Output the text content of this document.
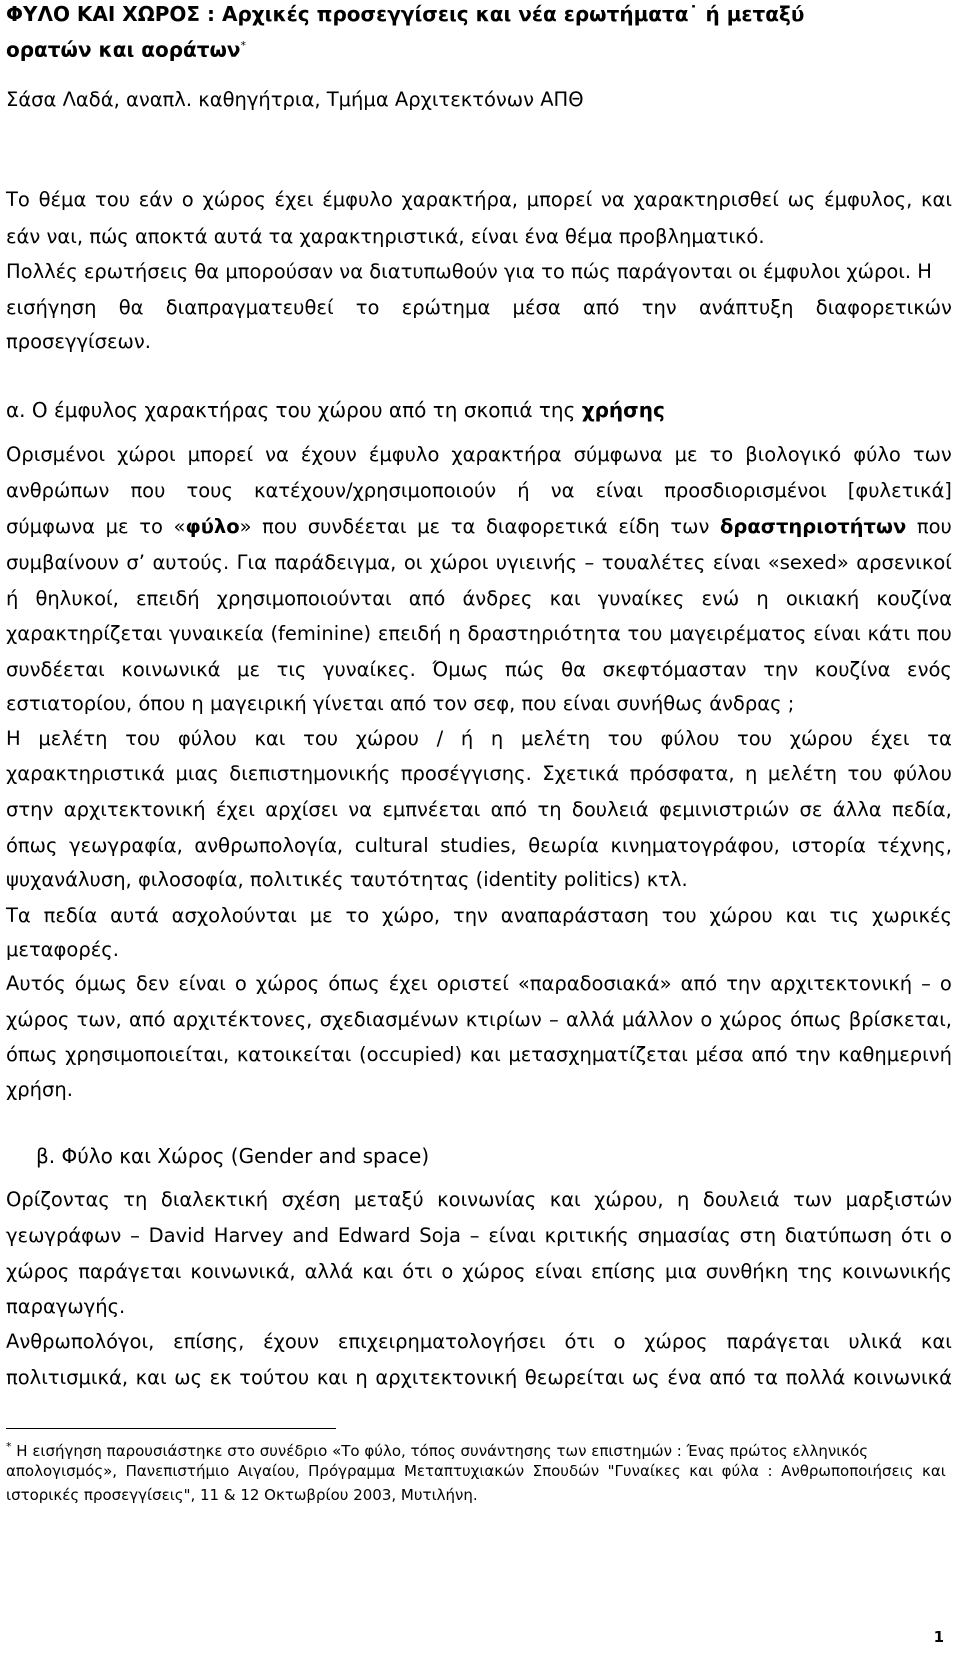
ΦΥΛΟ ΚΑΙ ΧΩΡΟΣ : Αρχικές προσεγγίσεις και νέα ερωτήματα˙ ή μεταξύ
ορατών και αοράτων*
Σάσα Λαδά, αναπλ. καθηγήτρια, Τμήμα Αρχιτεκτόνων ΑΠΘ
Το θέμα του εάν ο χώρος έχει έμφυλο χαρακτήρα, μπορεί να χαρακτηρισθεί ως έμφυλος, και
εάν ναι, πώς αποκτά αυτά τα χαρακτηριστικά, είναι ένα θέμα προβληματικό.
Πολλές ερωτήσεις θα μπορούσαν να διατυπωθούν για το πώς παράγονται οι έμφυλοι χώροι. Η
εισήγηση θα διαπραγματευθεί το ερώτημα μέσα από την ανάπτυξη διαφορετικών
προσεγγίσεων.
α. Ο έμφυλος χαρακτήρας του χώρου από τη σκοπιά της χρήσης
Ορισμένοι χώροι μπορεί να έχουν έμφυλο χαρακτήρα σύμφωνα με το βιολογικό φύλο των
ανθρώπων που τους κατέχουν/χρησιμοποιούν ή να είναι προσδιορισμένοι [φυλετικά]
σύμφωνα με το «φύλο» που συνδέεται με τα διαφορετικά είδη των δραστηριοτήτων που
συμβαίνουν σ’ αυτούς. Για παράδειγμα, οι χώροι υγιεινής – τουαλέτες είναι «sexed» αρσενικοί
ή θηλυκοί, επειδή χρησιμοποιούνται από άνδρες και γυναίκες ενώ η οικιακή κουζίνα
χαρακτηρίζεται γυναικεία (feminine) επειδή η δραστηριότητα του μαγειρέματος είναι κάτι που
συνδέεται κοινωνικά με τις γυναίκες. Όμως πώς θα σκεφτόμασταν την κουζίνα ενός
εστιατορίου, όπου η μαγειρική γίνεται από τον σεφ, που είναι συνήθως άνδρας ;
Η μελέτη του φύλου και του χώρου / ή η μελέτη του φύλου του χώρου έχει τα
χαρακτηριστικά μιας διεπιστημονικής προσέγγισης. Σχετικά πρόσφατα, η μελέτη του φύλου
στην αρχιτεκτονική έχει αρχίσει να εμπνέεται από τη δουλειά φεμινιστριών σε άλλα πεδία,
όπως γεωγραφία, ανθρωπολογία, cultural studies, θεωρία κινηματογράφου, ιστορία τέχνης,
ψυχανάλυση, φιλοσοφία, πολιτικές ταυτότητας (identity politics) κτλ.
Τα πεδία αυτά ασχολούνται με το χώρο, την αναπαράσταση του χώρου και τις χωρικές
μεταφορές.
Αυτός όμως δεν είναι ο χώρος όπως έχει οριστεί «παραδοσιακά» από την αρχιτεκτονική – ο
χώρος των, από αρχιτέκτονες, σχεδιασμένων κτιρίων – αλλά μάλλον ο χώρος όπως βρίσκεται,
όπως χρησιμοποιείται, κατοικείται (occupied) και μετασχηματίζεται μέσα από την καθημερινή
χρήση.
β. Φύλο και Χώρος (Gender and space)
Ορίζοντας τη διαλεκτική σχέση μεταξύ κοινωνίας και χώρου, η δουλειά των μαρξιστών
γεωγράφων – David Harvey and Edward Soja – είναι κριτικής σημασίας στη διατύπωση ότι ο
χώρος παράγεται κοινωνικά, αλλά και ότι ο χώρος είναι επίσης μια συνθήκη της κοινωνικής
παραγωγής.
Ανθρωπολόγοι, επίσης, έχουν επιχειρηματολογήσει ότι ο χώρος παράγεται υλικά και
πολιτισμικά, και ως εκ τούτου και η αρχιτεκτονική θεωρείται ως ένα από τα πολλά κοινωνικά
* Η εισήγηση παρουσιάστηκε στο συνέδριο «Το φύλο, τόπος συνάντησης των επιστημών : Ένας πρώτος ελληνικός
απολογισμός», Πανεπιστήμιο Αιγαίου, Πρόγραμμα Μεταπτυχιακών Σπουδών "Γυναίκες και φύλα : Ανθρωποποιήσεις και
ιστορικές προσεγγίσεις", 11 & 12 Οκτωβρίου 2003, Μυτιλήνη.
1
